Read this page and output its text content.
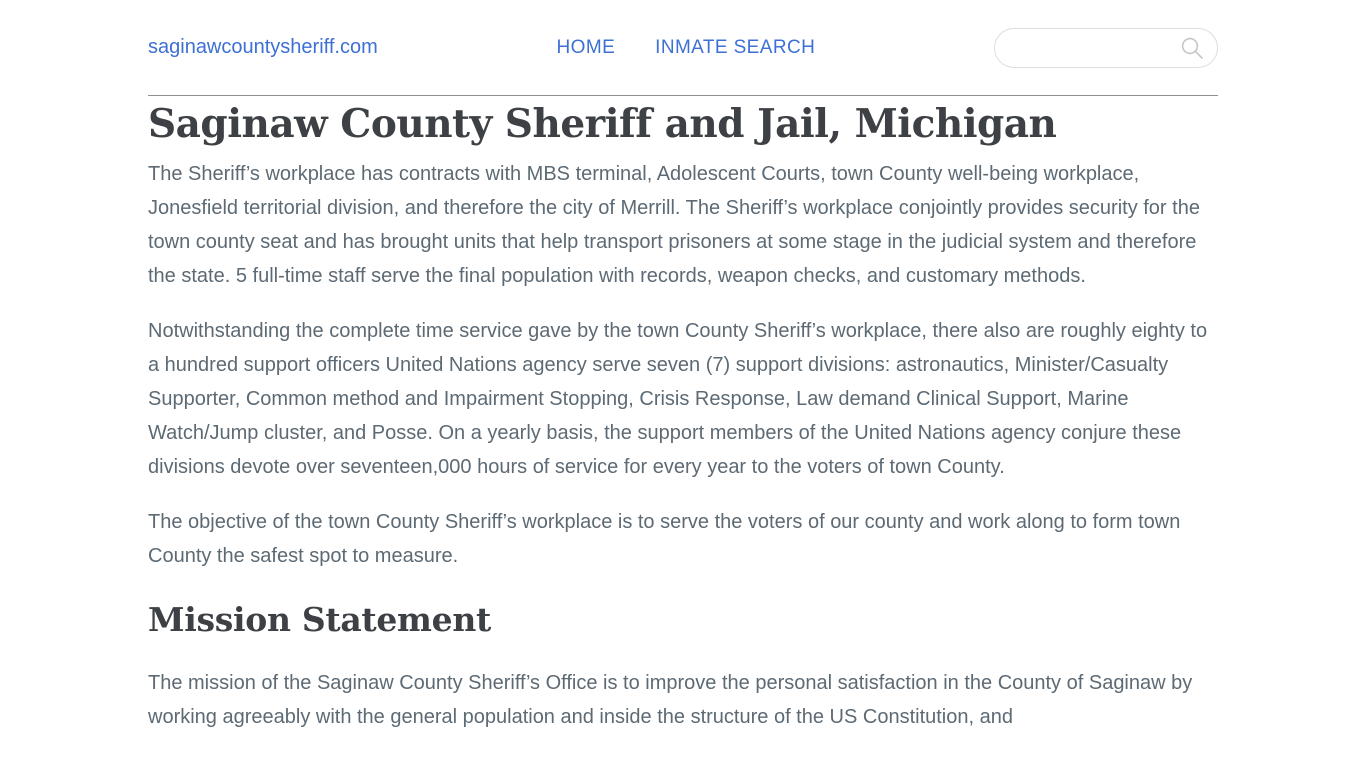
saginawcountysheriff.com	HOME INMATE SEARCH
Saginaw County Sheriff and Jail, Michigan

The Sheriff’s workplace has contracts with MBS terminal, Adolescent Courts, town County well-being workplace, Jonesfield territorial division, and therefore the city of Merrill. The Sheriff’s workplace conjointly provides security for the town county seat and has brought units that help transport prisoners at some stage in the judicial system and therefore the state. 5 full-time staff serve the final population with records, weapon checks, and customary methods.

Notwithstanding the complete time service gave by the town County Sheriff’s workplace, there also are roughly eighty to a hundred support officers United Nations agency serve seven (7) support divisions: astronautics, Minister/Casualty Supporter, Common method and Impairment Stopping, Crisis Response, Law demand Clinical Support, Marine Watch/Jump cluster, and Posse. On a yearly basis, the support members of the United Nations agency conjure these divisions devote over seventeen,000 hours of service for every year to the voters of town County.

The objective of the town County Sheriff’s workplace is to serve the voters of our county and work along to form town County the safest spot to measure.

Mission Statement

The mission of the Saginaw County Sheriff’s Office is to improve the personal satisfaction in the County of Saginaw by working agreeably with the general population and inside the structure of the US Constitution, and
